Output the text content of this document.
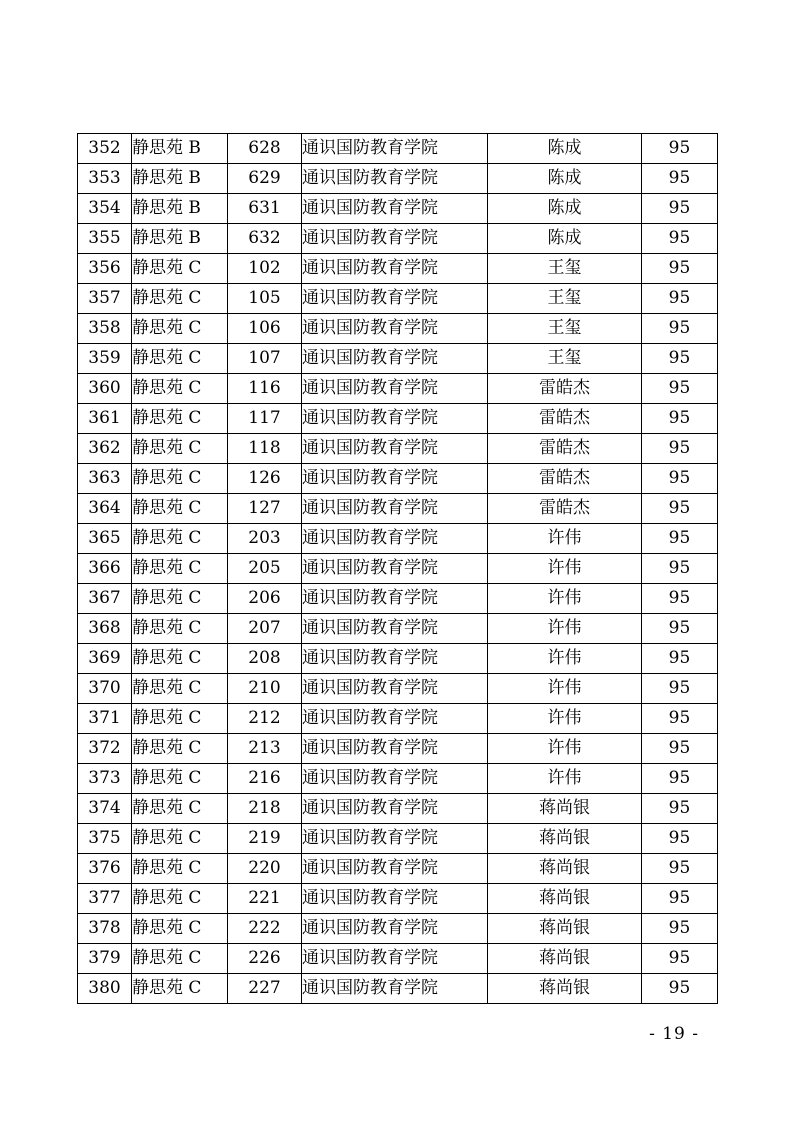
352	静思苑 B	628	通识国防教育学院	陈成	95
353	静思苑 B	629	通识国防教育学院	陈成	95
354	静思苑 B	631	通识国防教育学院	陈成	95
355	静思苑 B	632	通识国防教育学院	陈成	95
356	静思苑 C	102	通识国防教育学院	王玺	95
357	静思苑 C	105	通识国防教育学院	王玺	95
358	静思苑 C	106	通识国防教育学院	王玺	95
359	静思苑 C	107	通识国防教育学院	王玺	95
360	静思苑 C	116	通识国防教育学院	雷皓杰	95
361	静思苑 C	117	通识国防教育学院	雷皓杰	95
362	静思苑 C	118	通识国防教育学院	雷皓杰	95
363	静思苑 C	126	通识国防教育学院	雷皓杰	95
364	静思苑 C	127	通识国防教育学院	雷皓杰	95
365	静思苑 C	203	通识国防教育学院	许伟	95
366	静思苑 C	205	通识国防教育学院	许伟	95
367	静思苑 C	206	通识国防教育学院	许伟	95
368	静思苑 C	207	通识国防教育学院	许伟	95
369	静思苑 C	208	通识国防教育学院	许伟	95
370	静思苑 C	210	通识国防教育学院	许伟	95
371	静思苑 C	212	通识国防教育学院	许伟	95
372	静思苑 C	213	通识国防教育学院	许伟	95
373	静思苑 C	216	通识国防教育学院	许伟	95
374	静思苑 C	218	通识国防教育学院	蒋尚银	95
375	静思苑 C	219	通识国防教育学院	蒋尚银	95
376	静思苑 C	220	通识国防教育学院	蒋尚银	95
377	静思苑 C	221	通识国防教育学院	蒋尚银	95
378	静思苑 C	222	通识国防教育学院	蒋尚银	95
379	静思苑 C	226	通识国防教育学院	蒋尚银	95
380	静思苑 C	227	通识国防教育学院	蒋尚银	95
- 19 -
